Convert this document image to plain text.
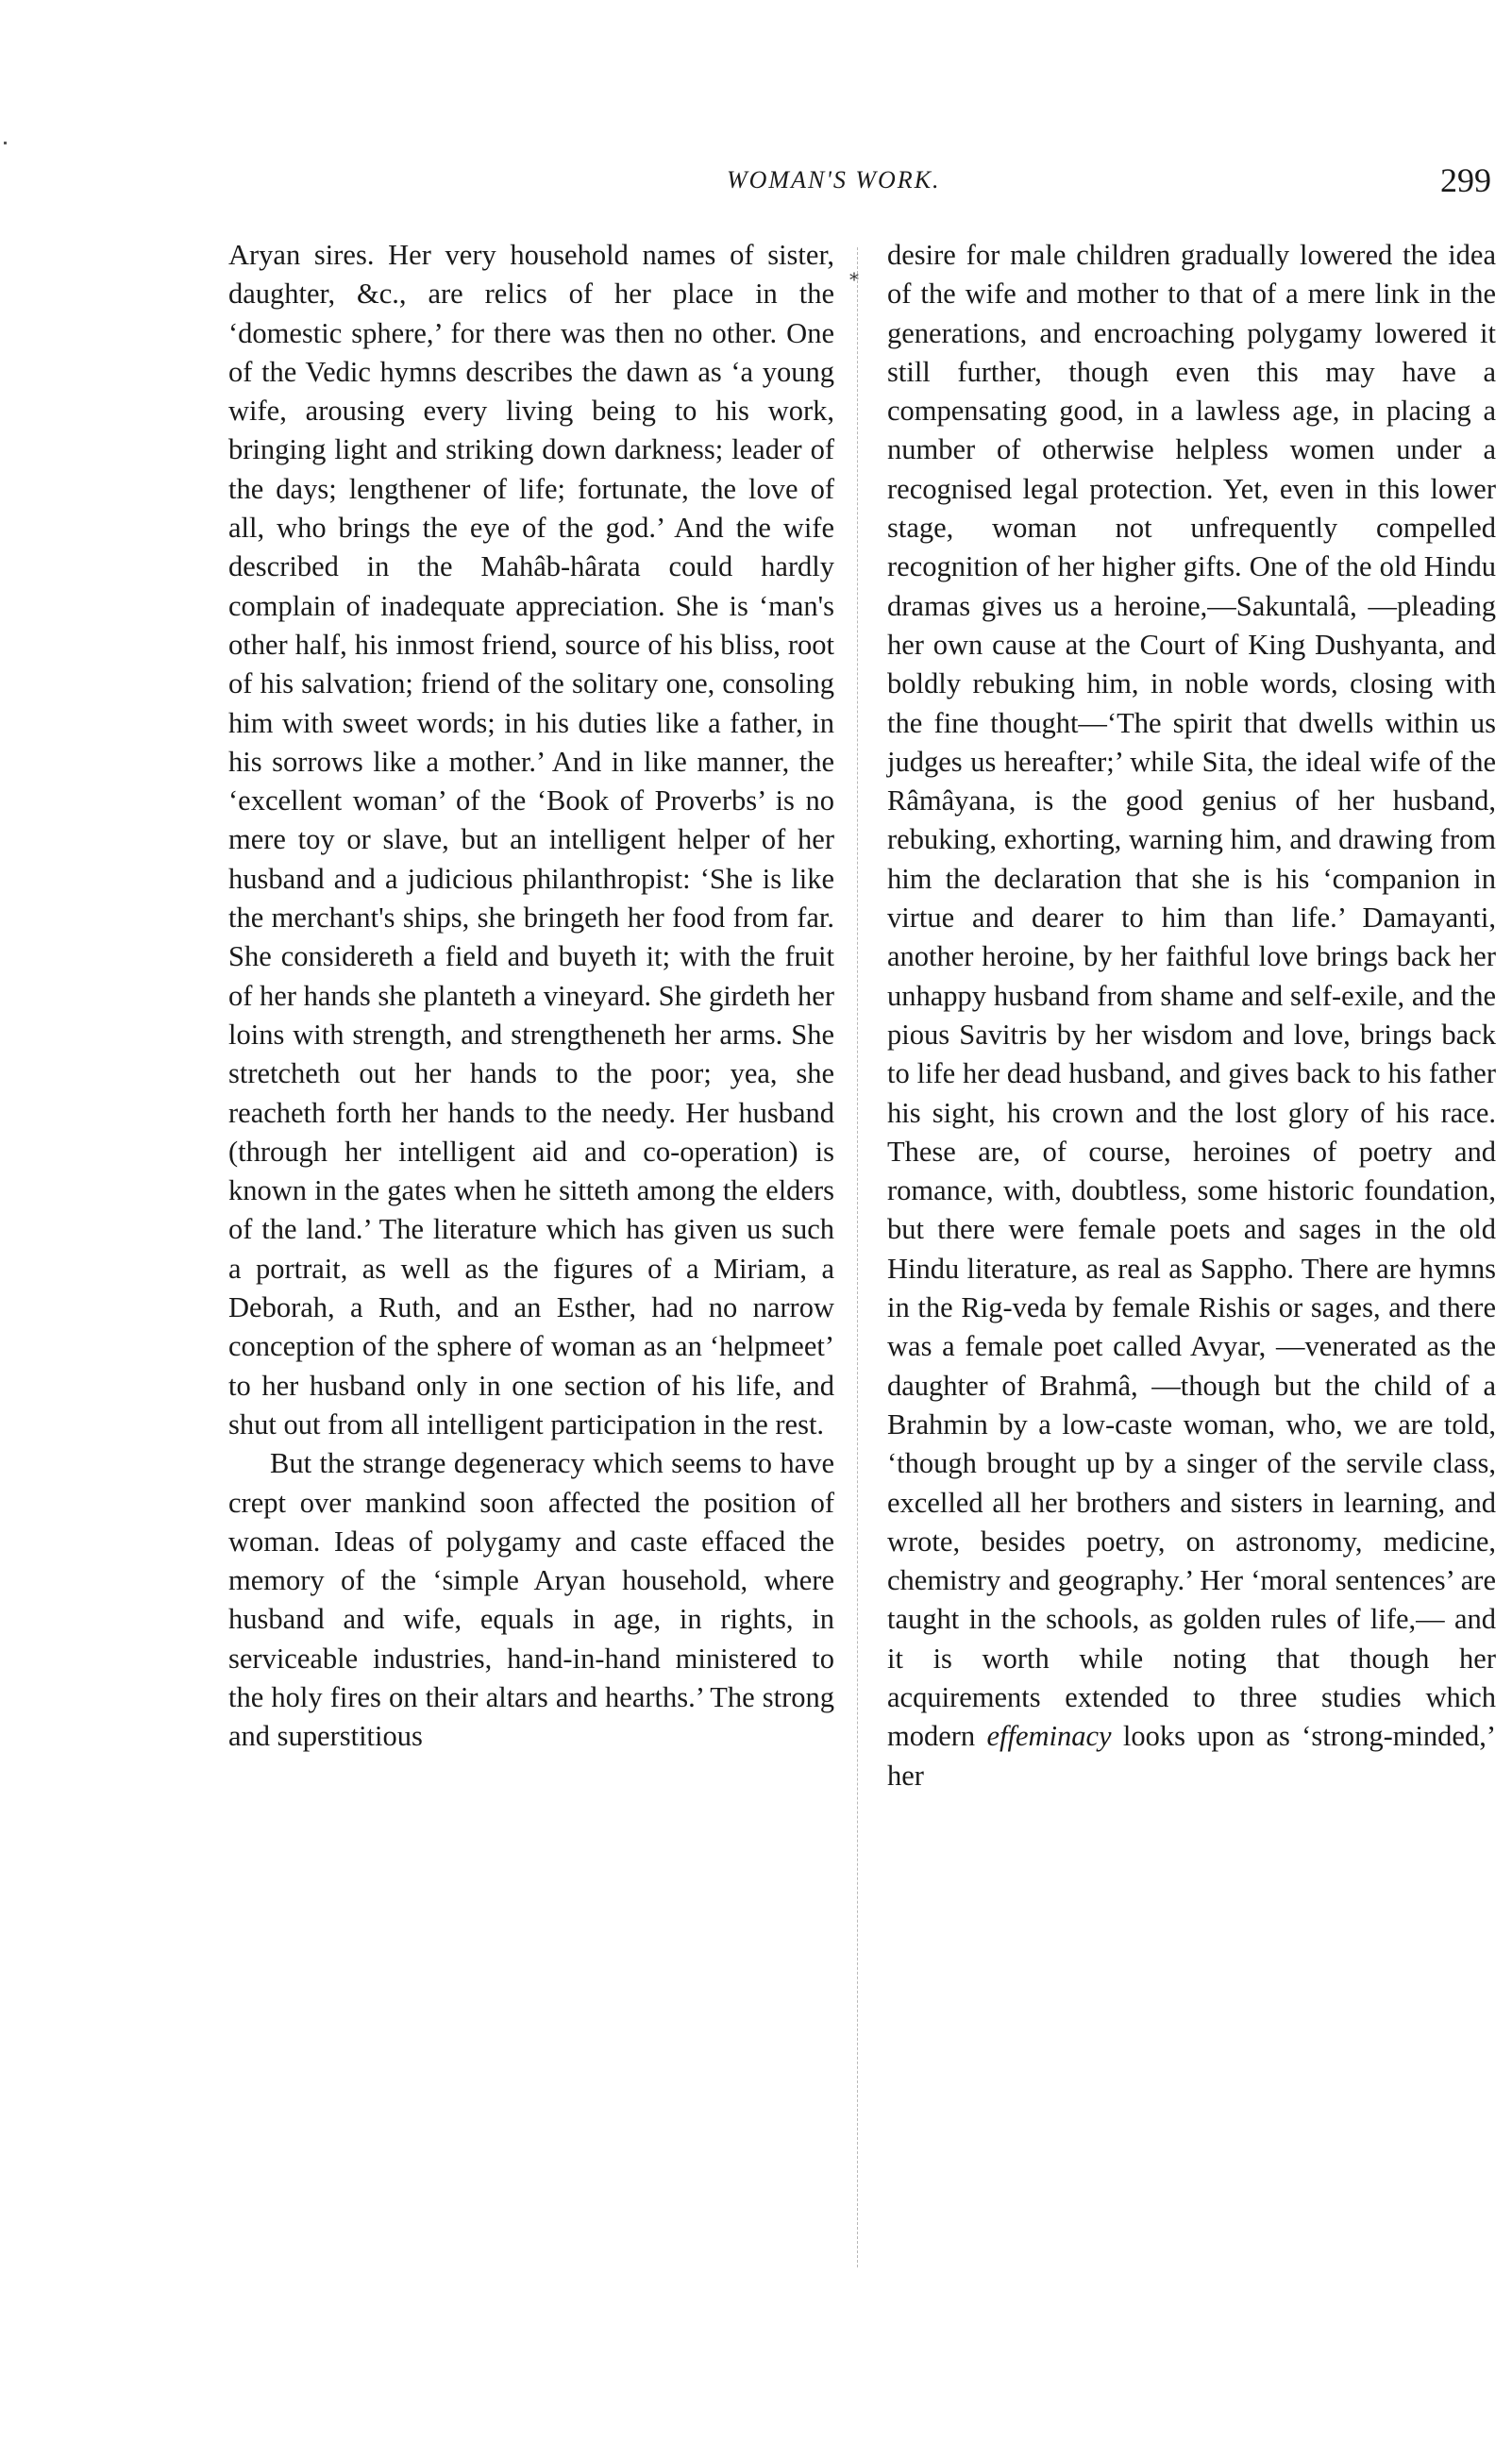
WOMAN'S WORK.	299
⁎

Aryan sires. Her very household names of sister, daughter, &c., are relics of her place in the ‘domestic sphere,’ for there was then no other. One of the Vedic hymns describes the dawn as ‘a young wife, arousing every living being to his work, bringing light and striking down darkness; leader of the days; lengthener of life; fortunate, the love of all, who brings the eye of the god.’ And the wife described in the Mahâb-hârata could hardly complain of inadequate appreciation. She is ‘man's other half, his inmost friend, source of his bliss, root of his salvation; friend of the solitary one, consoling him with sweet words; in his duties like a father, in his sorrows like a mother.’ And in like manner, the ‘excellent woman’ of the ‘Book of Proverbs’ is no mere toy or slave, but an intelligent helper of her husband and a judicious philanthropist: ‘She is like the merchant's ships, she bringeth her food from far. She considereth a field and buyeth it; with the fruit of her hands she planteth a vineyard. She girdeth her loins with strength, and strengtheneth her arms. She stretcheth out her hands to the poor; yea, she reacheth forth her hands to the needy. Her husband (through her intelligent aid and co-operation) is known in the gates when he sitteth among the elders of the land.’ The literature which has given us such a portrait, as well as the figures of a Miriam, a Deborah, a Ruth, and an Esther, had no narrow conception of the sphere of woman as an ‘helpmeet’ to her husband only in one section of his life, and shut out from all intelligent participation in the rest.

But the strange degeneracy which seems to have crept over mankind soon affected the position of woman. Ideas of polygamy and caste effaced the memory of the ‘simple Aryan household, where husband and wife, equals in age, in rights, in serviceable industries, hand-in-hand ministered to the holy fires on their altars and hearths.’ The strong and superstitious

desire for male children gradually lowered the idea of the wife and mother to that of a mere link in the generations, and encroaching polygamy lowered it still further, though even this may have a compensating good, in a lawless age, in placing a number of otherwise helpless women under a recognised legal protection. Yet, even in this lower stage, woman not unfrequently compelled recognition of her higher gifts. One of the old Hindu dramas gives us a heroine,—Sakuntalâ, —pleading her own cause at the Court of King Dushyanta, and boldly rebuking him, in noble words, closing with the fine thought—‘The spirit that dwells within us judges us hereafter;’ while Sita, the ideal wife of the Râmâyana, is the good genius of her husband, rebuking, exhorting, warning him, and drawing from him the declaration that she is his ‘companion in virtue and dearer to him than life.’ Damayanti, another heroine, by her faithful love brings back her unhappy husband from shame and self-exile, and the pious Savitris by her wisdom and love, brings back to life her dead husband, and gives back to his father his sight, his crown and the lost glory of his race. These are, of course, heroines of poetry and romance, with, doubtless, some historic foundation, but there were female poets and sages in the old Hindu literature, as real as Sappho. There are hymns in the Rig-veda by female Rishis or sages, and there was a female poet called Avyar, —venerated as the daughter of Brahmâ, —though but the child of a Brahmin by a low-caste woman, who, we are told, ‘though brought up by a singer of the servile class, excelled all her brothers and sisters in learning, and wrote, besides poetry, on astronomy, medicine, chemistry and geography.’ Her ‘moral sentences’ are taught in the schools, as golden rules of life,— and it is worth while noting that though her acquirements extended to three studies which modern effeminacy looks upon as ‘strong-minded,’ her
